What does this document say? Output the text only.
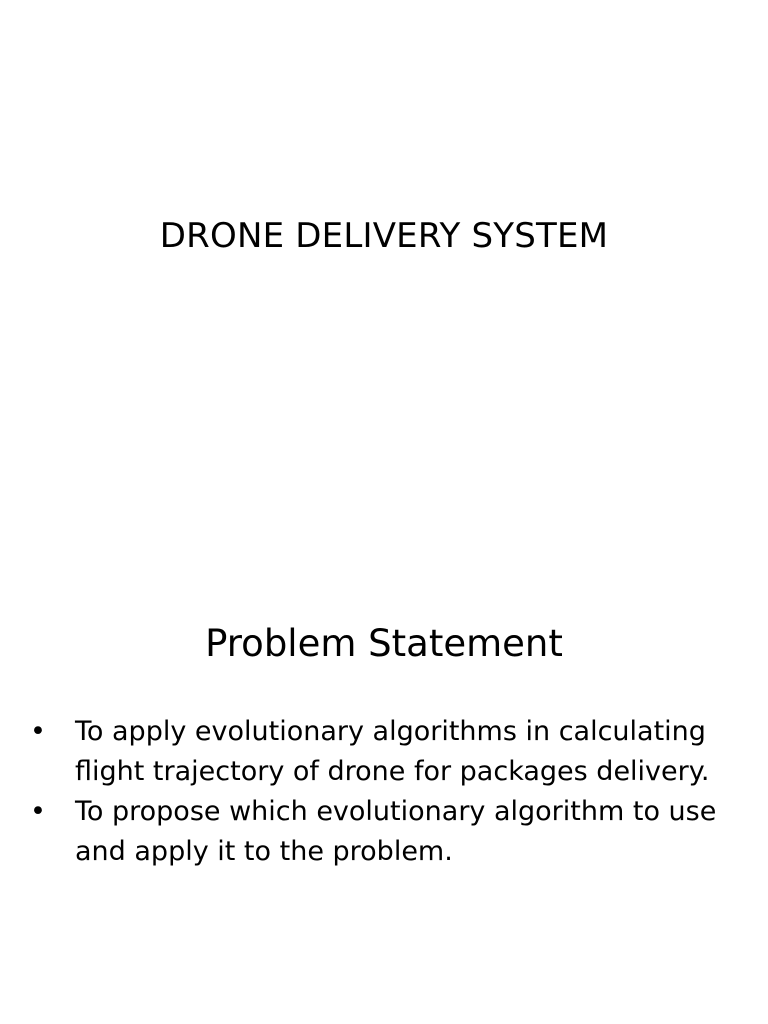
DRONE DELIVERY SYSTEM
Problem Statement
• To apply evolutionary algorithms in calculating flight trajectory of drone for packages delivery.
• To propose which evolutionary algorithm to use  and apply it to the problem.
